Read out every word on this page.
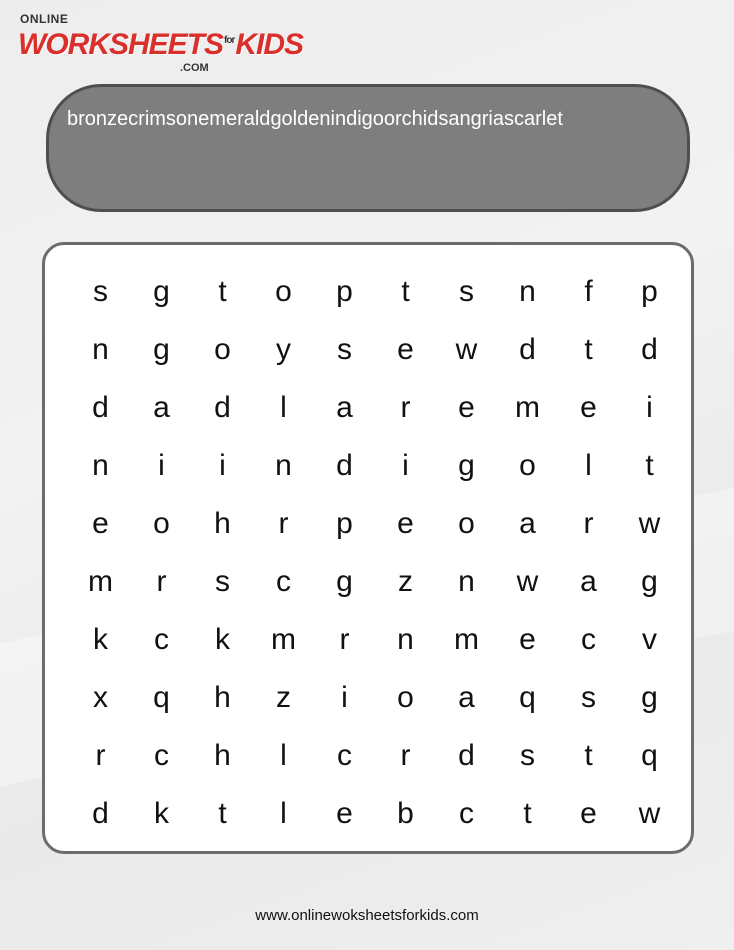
ONLINE
$WORKSHEETS^{for}KIDS$
.COM
bronze crimson emerald golden indigo orchid sangria scarlet
s	g	t	o	p	t	s	n	f	p
n	g	o	y	s	e	w	d	t	d
d	a	d	l	a	r	e	m	e	i
n	i	i	n	d	i	g	o	l	t
e	o	h	r	p	e	o	a	r	w
m	r	s	c	g	z	n	w	a	g
k	c	k	m	r	n	m	e	c	v
x	q	h	z	i	o	a	q	s	g
r	c	h	l	c	r	d	s	t	q
d	k	t	l	e	b	c	t	e	w
www.onlinewoksheetsforkids.com
